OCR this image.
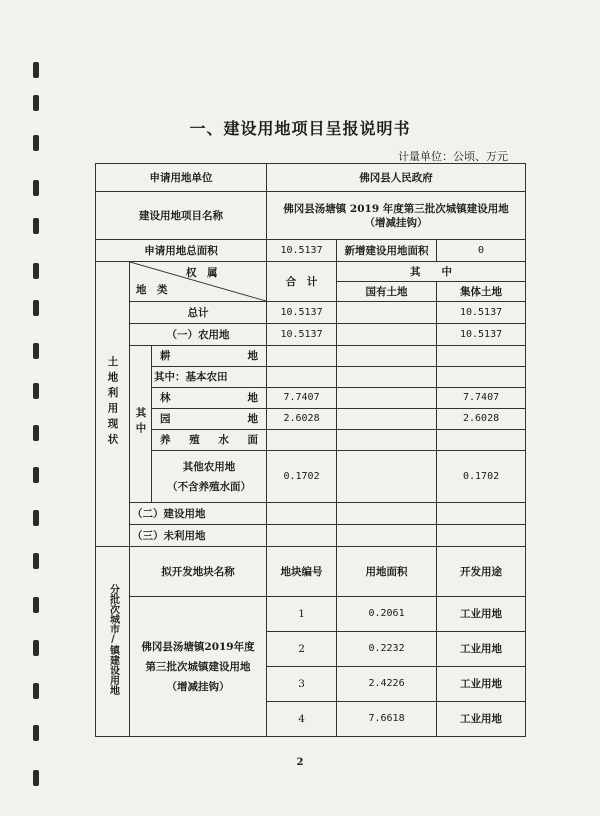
一、建设用地项目呈报说明书
计量单位：公顷、万元
申请用地单位			佛冈县人民政府		
建设用地项目名称			佛冈县汤塘镇 2019 年度第三批次城镇建设用地
（增减挂钩）		

申请用地总面积			10.5137	新增建设用地面积	0
土地利用现状	权　属
地　类		合　计	其　　中	
				国有土地	集体土地
	总计		10.5137		10.5137
	（一）农用地		10.5137		10.5137
	其中	耕　　　　地			
		其中：基本农田			
		林　　　　地	7.7407		7.7407
		园　　　　地	2.6028		2.6028
		养　殖　水　面			

		其他农用地
（不含养殖水面）	0.1702		0.1702
	（二）建设用地				
	（三）未利用地				
分批次城市/镇建设用地	拟开发地块名称		地块编号	用地面积	开发用途

	佛冈县汤塘镇2019年度
第三批次城镇建设用地
（增减挂钩）		1	0.2061	工业用地
			2	0.2232	工业用地
			3	2.4226	工业用地
			4	7.6618	工业用地
2
